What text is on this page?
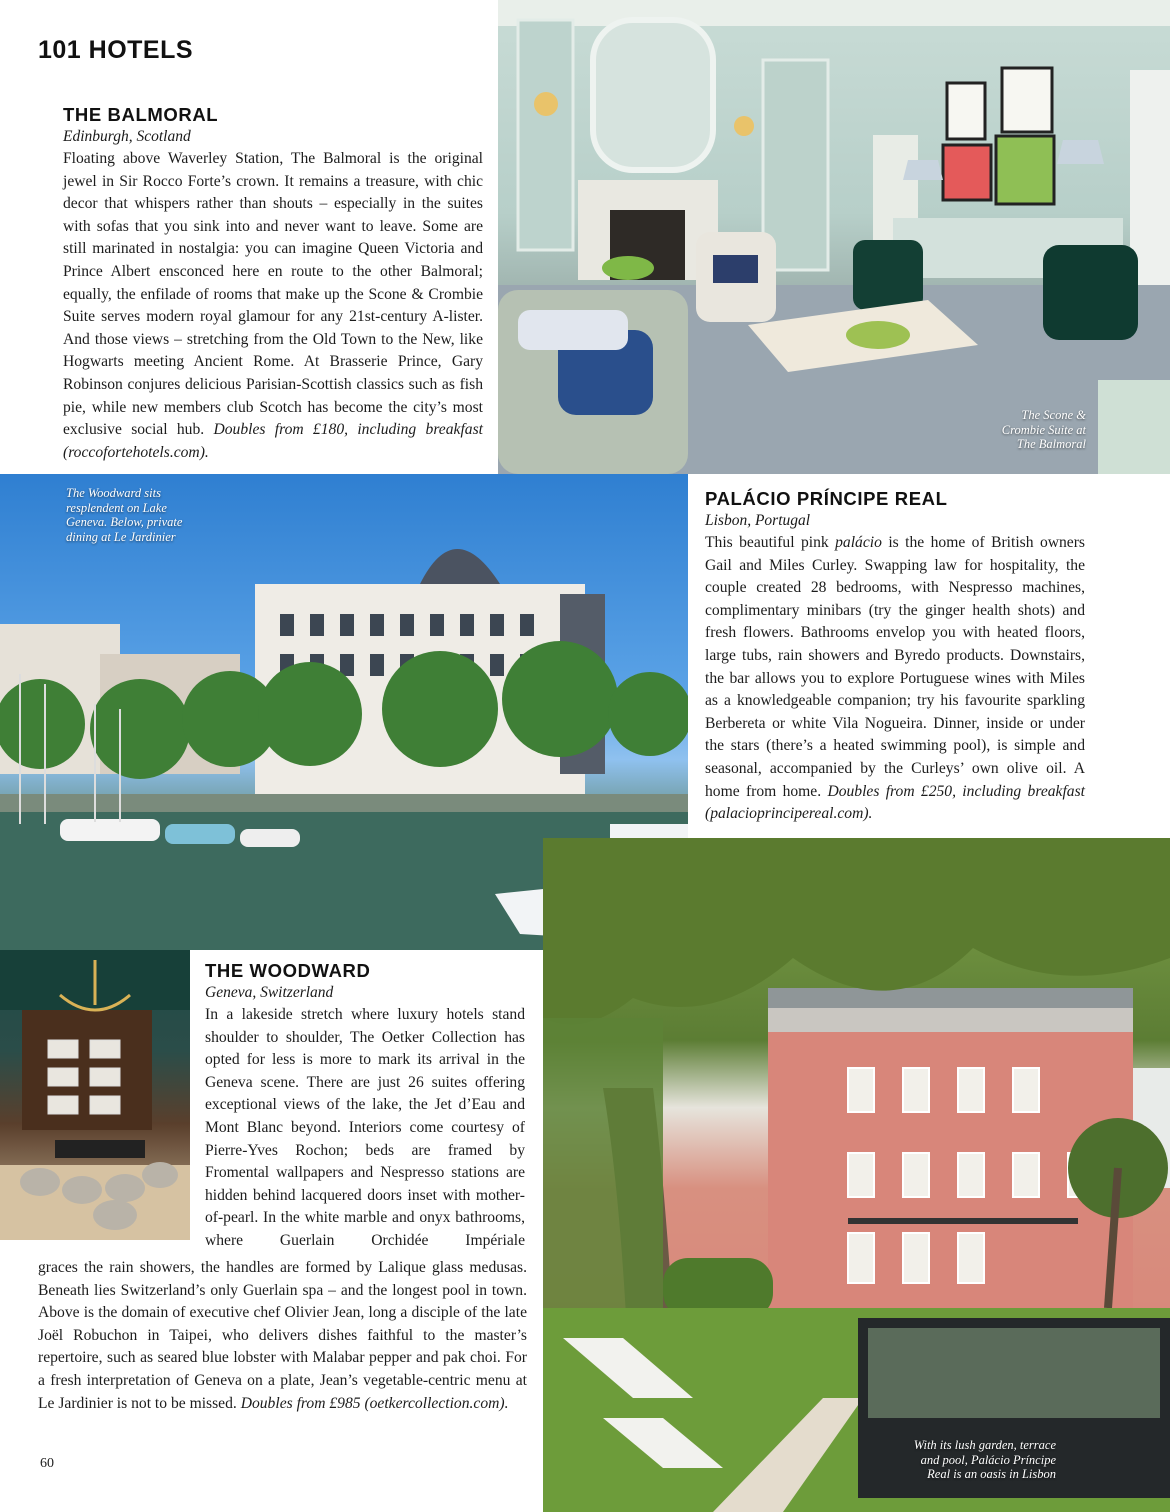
101 HOTELS
60
THE BALMORAL
Edinburgh, Scotland

Floating above Waverley Station, The Balmoral is the original jewel in Sir Rocco Forte’s crown. It remains a treasure, with chic decor that whispers rather than shouts – especially in the suites with sofas that you sink into and never want to leave. Some are still marinated in nostalgia: you can imagine Queen Victoria and Prince Albert ensconced here en route to the other Balmoral; equally, the enfilade of rooms that make up the Scone & Crombie Suite serves modern royal glamour for any 21st-century A-lister. And those views – stretching from the Old Town to the New, like Hogwarts meeting Ancient Rome. At Brasserie Prince, Gary Robinson conjures delicious Parisian-Scottish classics such as fish pie, while new members club Scotch has become the city’s most exclusive social hub. Doubles from £180, including breakfast (roccofortehotels.com).

The Scone & Crombie Suite at The Balmoral
The Woodward sits resplendent on Lake Geneva. Below, private dining at Le Jardinier
PALÁCIO PRÍNCIPE REAL
Lisbon, Portugal

This beautiful pink palácio is the home of British owners Gail and Miles Curley. Swapping law for hospitality, the couple created 28 bedrooms, with Nespresso machines, complimentary minibars (try the ginger health shots) and fresh flowers. Bathrooms envelop you with heated floors, large tubs, rain showers and Byredo products. Downstairs, the bar allows you to explore Portuguese wines with Miles as a knowledgeable companion; try his favourite sparkling Berbereta or white Vila Nogueira. Dinner, inside or under the stars (there’s a heated swimming pool), is simple and seasonal, accompanied by the Curleys’ own olive oil. A home from home. Doubles from £250, including breakfast (palacioprincipereal.com).

THE WOODWARD
Geneva, Switzerland

In a lakeside stretch where luxury hotels stand shoulder to shoulder, The Oetker Collection has opted for less is more to mark its arrival in the Geneva scene. There are just 26 suites offering exceptional views of the lake, the Jet d’Eau and Mont Blanc beyond. Interiors come courtesy of Pierre-Yves Rochon; beds are framed by Fromental wallpapers and Nespresso stations are hidden behind lacquered doors inset with mother-of-pearl. In the white marble and onyx bathrooms, where Guerlain Orchidée Impériale

graces the rain showers, the handles are formed by Lalique glass medusas. Beneath lies Switzerland’s only Guerlain spa – and the longest pool in town. Above is the domain of executive chef Olivier Jean, long a disciple of the late Joël Robuchon in Taipei, who delivers dishes faithful to the master’s repertoire, such as seared blue lobster with Malabar pepper and pak choi. For a fresh interpretation of Geneva on a plate, Jean’s vegetable-centric menu at Le Jardinier is not to be missed. Doubles from £985 (oetkercollection.com).

With its lush garden, terrace and pool, Palácio Príncipe Real is an oasis in Lisbon
